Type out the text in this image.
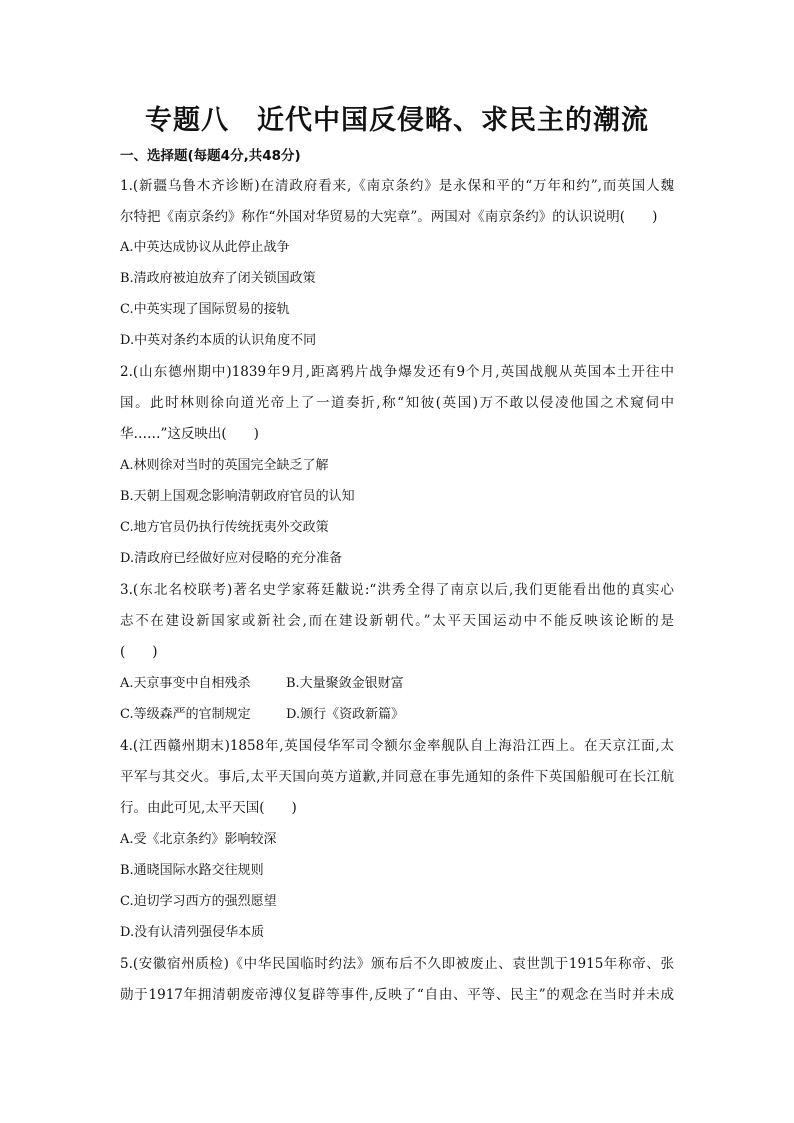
专题八　近代中国反侵略、求民主的潮流
一、选择题(每题4分,共48分)
1.(新疆乌鲁木齐诊断)在清政府看来,《南京条约》是永保和平的“万年和约”,而英国人魏
尔特把《南京条约》称作“外国对华贸易的大宪章”。两国对《南京条约》的认识说明(　　)
A.中英达成协议从此停止战争
B.清政府被迫放弃了闭关锁国政策
C.中英实现了国际贸易的接轨
D.中英对条约本质的认识角度不同
2.(山东德州期中)1839年9月,距离鸦片战争爆发还有9个月,英国战舰从英国本土开往中
国。此时林则徐向道光帝上了一道奏折,称“知彼(英国)万不敢以侵凌他国之术窥伺中
华……”这反映出(　　)
A.林则徐对当时的英国完全缺乏了解
B.天朝上国观念影响清朝政府官员的认知
C.地方官员仍执行传统抚夷外交政策
D.清政府已经做好应对侵略的充分准备
3.(东北名校联考)著名史学家蒋廷黻说:“洪秀全得了南京以后,我们更能看出他的真实心
志不在建设新国家或新社会,而在建设新朝代。”太平天国运动中不能反映该论断的是
(　　)
A.天京事变中自相残杀	B.大量聚敛金银财富
C.等级森严的官制规定	D.颁行《资政新篇》
4.(江西赣州期末)1858年,英国侵华军司令额尔金率舰队自上海沿江西上。在天京江面,太
平军与其交火。事后,太平天国向英方道歉,并同意在事先通知的条件下英国船舰可在长江航
行。由此可见,太平天国(　　)
A.受《北京条约》影响较深
B.通晓国际水路交往规则
C.迫切学习西方的强烈愿望
D.没有认清列强侵华本质
5.(安徽宿州质检)《中华民国临时约法》颁布后不久即被废止、袁世凯于1915年称帝、张
勋于1917年拥清朝废帝溥仪复辟等事件,反映了“自由、平等、民主”的观念在当时并未成
